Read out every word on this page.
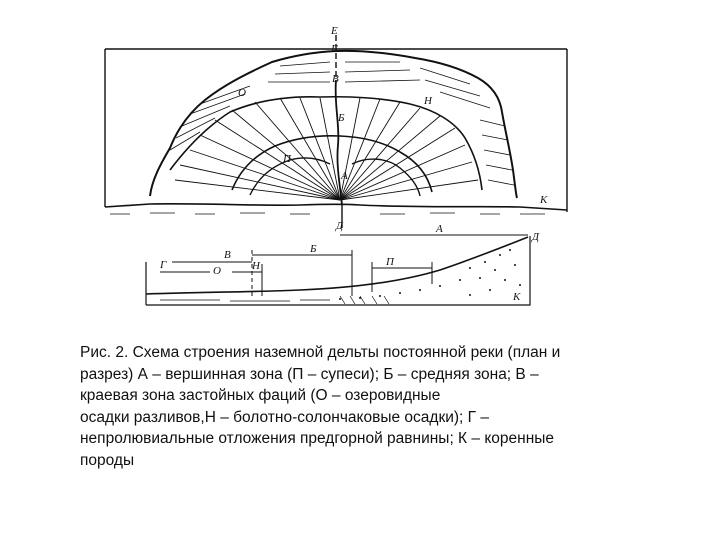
Е
Г
В
О
Н
Б
П
А
К
Д	А
Д
Б
В
Г	О	Н	П
К
Рис. 2. Схема строения наземной дельты постоянной реки (план и
разрез) А – вершинная зона (П – супеси); Б – средняя зона; В –
краевая зона застойных фаций (О – озеровидные
осадки разливов,Н – болотно-солончаковые осадки); Г –
непролювиальные отложения предгорной равнины; К – коренные
породы
